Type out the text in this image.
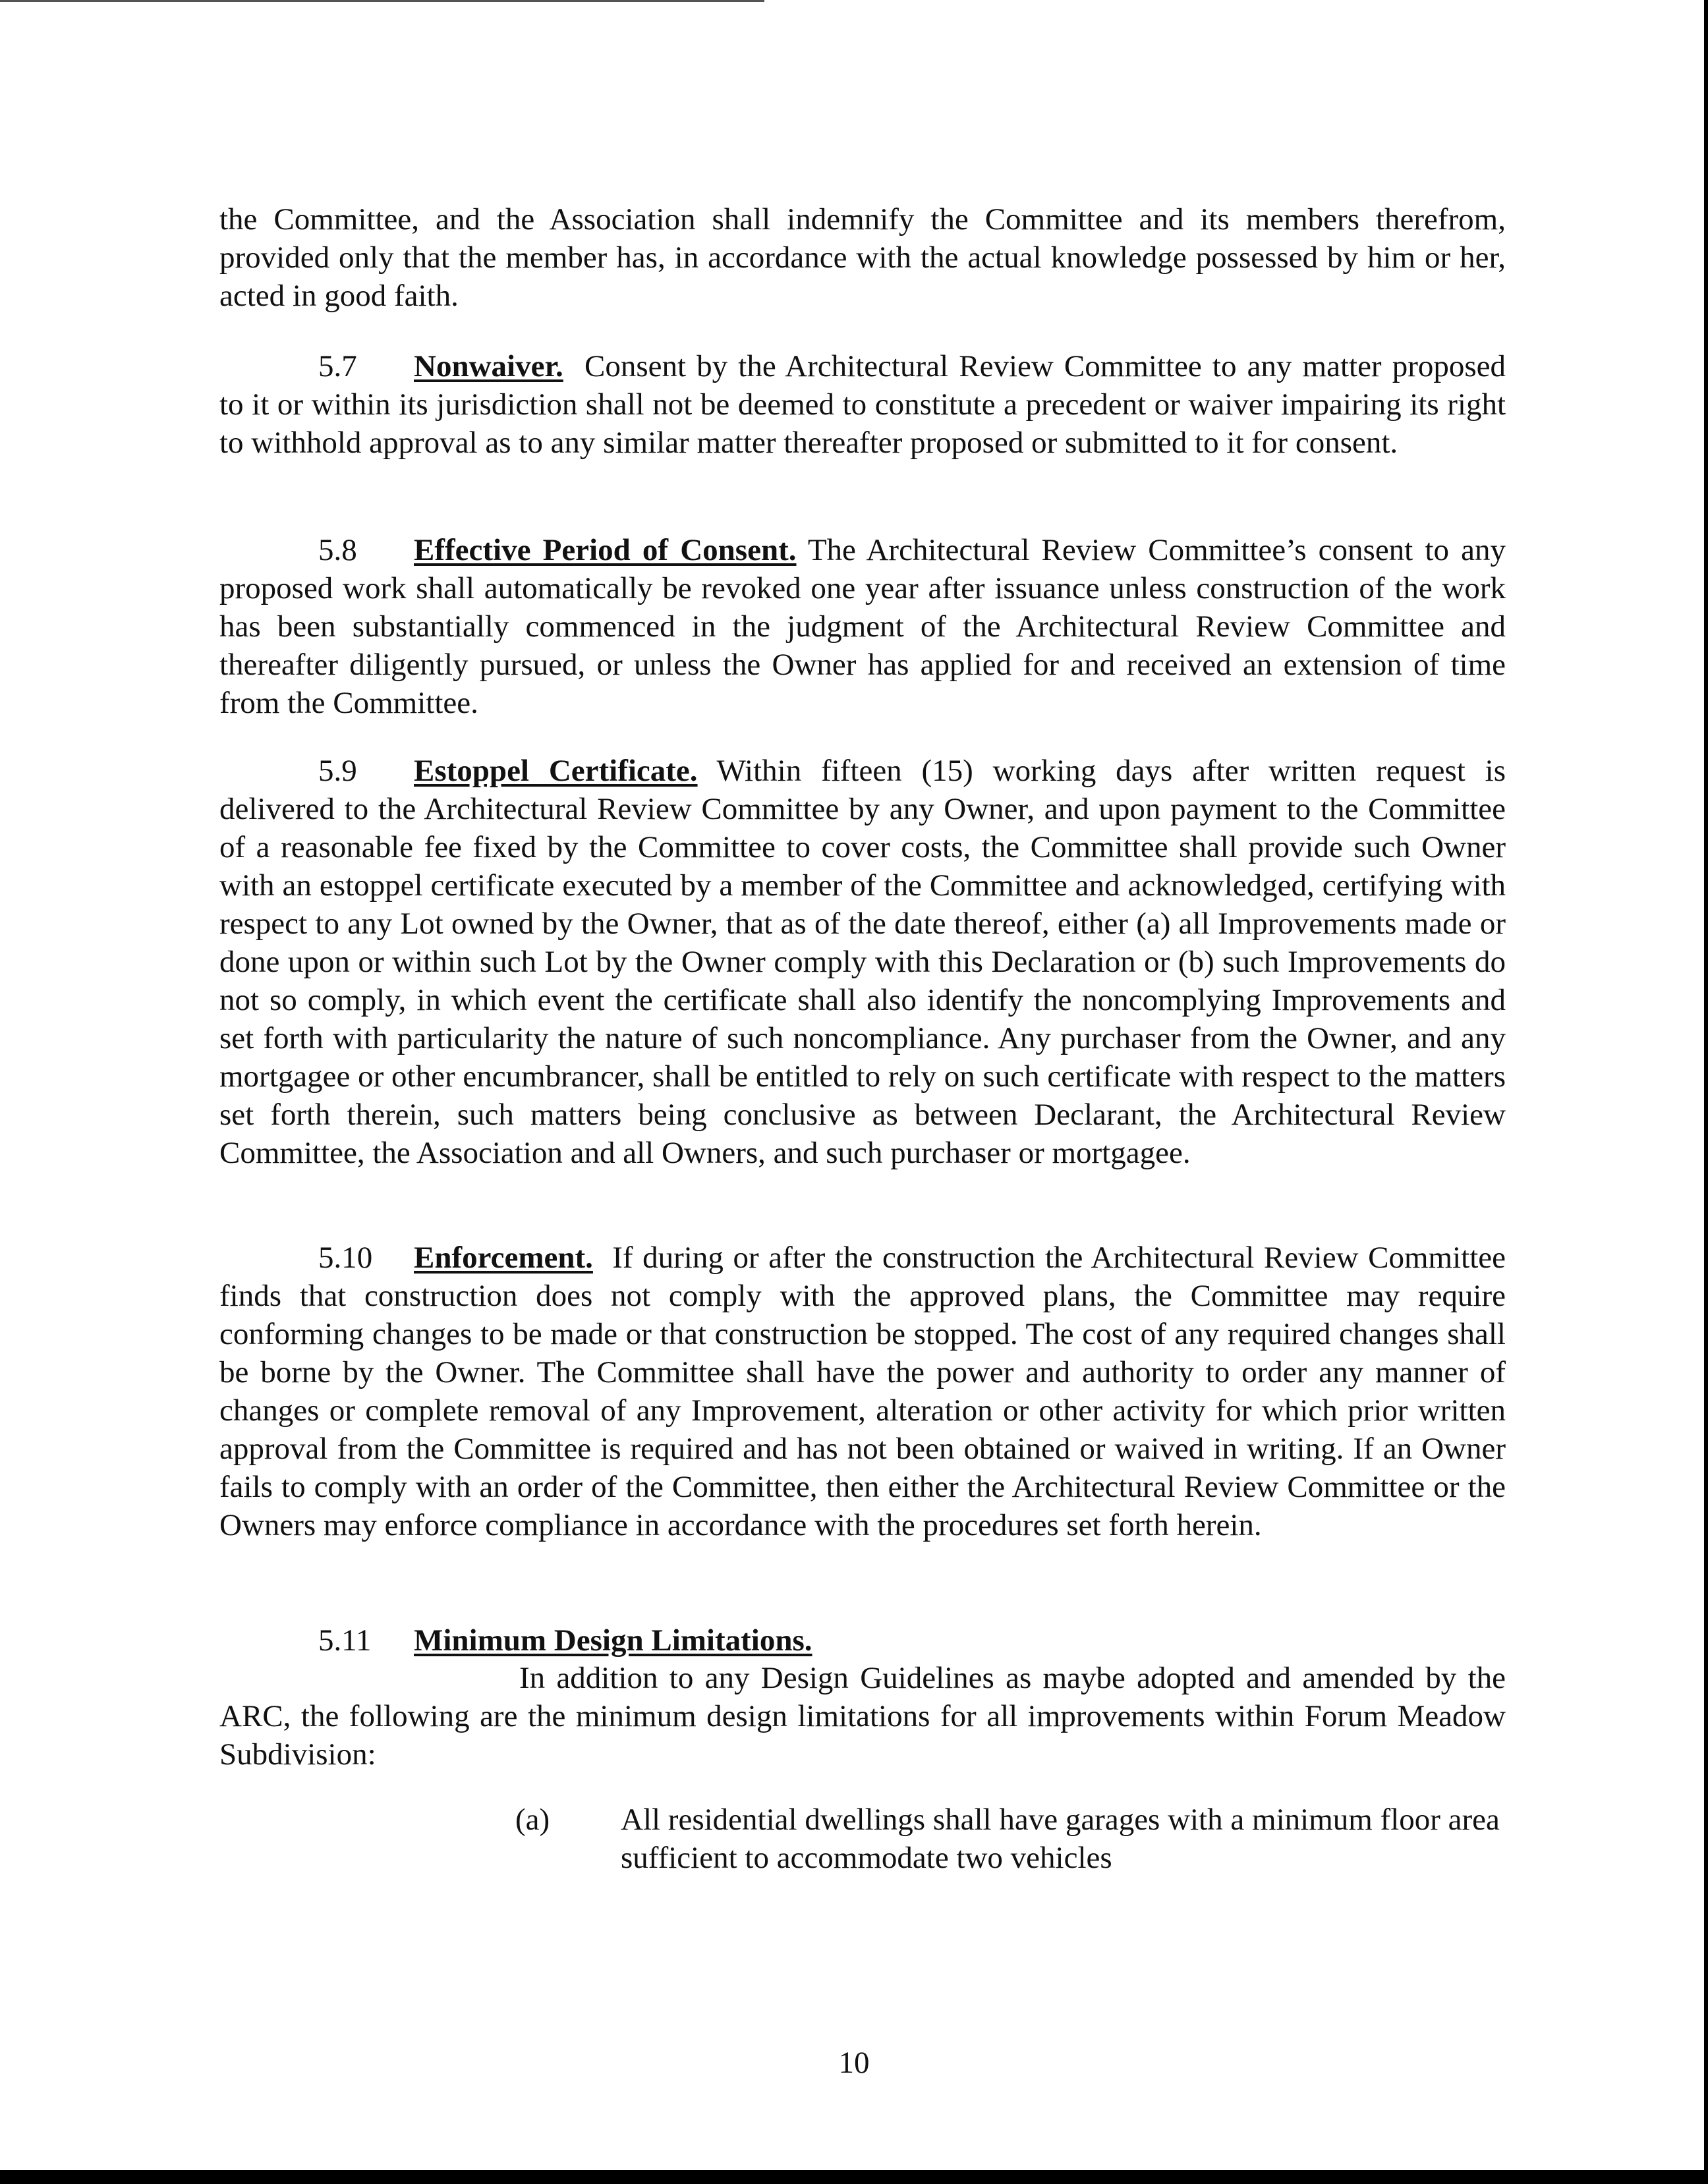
the Committee, and the Association shall indemnify the Committee and its members therefrom, provided only that the member has, in accordance with the actual knowledge possessed by him or her, acted in good faith.

5.7 Nonwaiver. Consent by the Architectural Review Committee to any matter proposed to it or within its jurisdiction shall not be deemed to constitute a precedent or waiver impairing its right to withhold approval as to any similar matter thereafter proposed or submitted to it for consent.

5.8 Effective Period of Consent. The Architectural Review Committee’s consent to any proposed work shall automatically be revoked one year after issuance unless construction of the work has been substantially commenced in the judgment of the Architectural Review Committee and thereafter diligently pursued, or unless the Owner has applied for and received an extension of time from the Committee.

5.9 Estoppel Certificate. Within fifteen (15) working days after written request is delivered to the Architectural Review Committee by any Owner, and upon payment to the Committee of a reasonable fee fixed by the Committee to cover costs, the Committee shall provide such Owner with an estoppel certificate executed by a member of the Committee and acknowledged, certifying with respect to any Lot owned by the Owner, that as of the date thereof, either (a) all Improvements made or done upon or within such Lot by the Owner comply with this Declaration or (b) such Improvements do not so comply, in which event the certificate shall also identify the noncomplying Improvements and set forth with particularity the nature of such noncompliance. Any purchaser from the Owner, and any mortgagee or other encumbrancer, shall be entitled to rely on such certificate with respect to the matters set forth therein, such matters being conclusive as between Declarant, the Architectural Review Committee, the Association and all Owners, and such purchaser or mortgagee.

5.10 Enforcement. If during or after the construction the Architectural Review Committee finds that construction does not comply with the approved plans, the Committee may require conforming changes to be made or that construction be stopped. The cost of any required changes shall be borne by the Owner. The Committee shall have the power and authority to order any manner of changes or complete removal of any Improvement, alteration or other activity for which prior written approval from the Committee is required and has not been obtained or waived in writing. If an Owner fails to comply with an order of the Committee, then either the Architectural Review Committee or the Owners may enforce compliance in accordance with the procedures set forth herein.

5.11 Minimum Design Limitations.

In addition to any Design Guidelines as maybe adopted and amended by the ARC, the following are the minimum design limitations for all improvements within Forum Meadow Subdivision:

(a) All residential dwellings shall have garages with a minimum floor area sufficient to accommodate two vehicles
10
